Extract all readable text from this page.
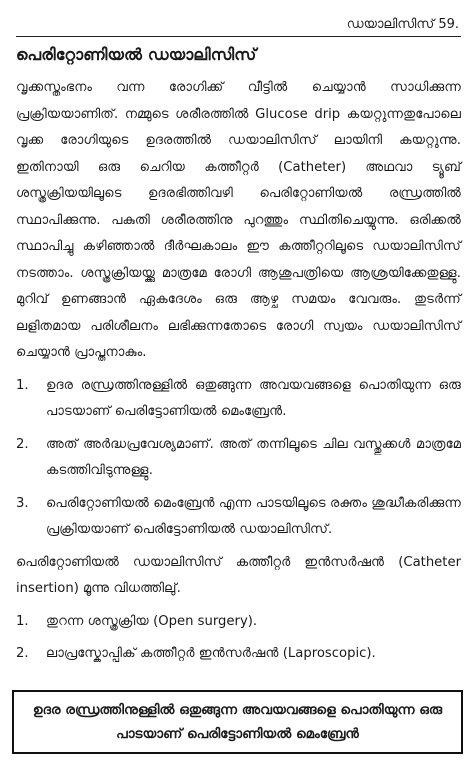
ഡയാലിസിസ് 59.
പെരിറ്റോണിയൽ ഡയാലിസിസ്

വൃക്കസ്തംഭനം വന്ന രോഗിക്ക് വീട്ടിൽ ചെയ്യാൻ സാധിക്കുന്ന പ്രക്രിയയാണിത്. നമ്മുടെ ശരീരത്തിൽ Glucose drip കയറ്റുന്നതുപോലെ വൃക്ക രോഗിയുടെ ഉദരത്തിൽ ഡയാലിസിസ് ലായിനി കയറ്റുന്നു. ഇതിനായി ഒരു ചെറിയ കത്തീറ്റർ (Catheter) അഥവാ ട്യൂബ് ശസ്ത്രക്രിയയിലൂടെ ഉദരഭിത്തിവഴി പെരിറ്റോണിയൽ രന്ധ്രത്തിൽ സ്ഥാപിക്കുന്നു. പകുതി ശരീരത്തിനു പുറത്തും സ്ഥിതിചെയ്യുന്നു. ഒരിക്കൽ സ്ഥാപിച്ചു കഴിഞ്ഞാൽ ദീർഘകാലം ഈ കത്തീറ്ററിലൂടെ ഡയാലിസിസ് നടത്താം. ശസ്ത്രക്രിയയ്ക്കു മാത്രമേ രോഗി ആശുപത്രിയെ ആശ്രയിക്കേതുള്ളു. മുറിവ് ഉണങ്ങാൻ ഏകദേശം ഒരു ആഴ്ച സമയം വേവരും. തുടർന്ന് ലളിതമായ പരിശീലനം ലഭിക്കുന്നതോടെ രോഗി സ്വയം ഡയാലിസിസ് ചെയ്യാൻ പ്രാപ്തനാകും.

1.	ഉദര രന്ധ്രത്തിനുള്ളിൽ ഒതുങ്ങുന്ന അവയവങ്ങളെ പൊതിയുന്ന ഒരു പാടയാണ് പെരിട്ടോണിയൽ മെംബ്രേൻ.
2.	അത് അർദ്ധപ്രവേശ്യമാണ്. അത് തന്നിലൂടെ ചില വസ്തുക്കൾ മാത്രമേ കടത്തിവിടുന്നുള്ളു.
3.	പെരിറ്റോണിയൽ മെംബ്രേൻ എന്ന പാടയിലൂടെ രക്തം ശുദ്ധീകരിക്കുന്ന പ്രക്രിയയാണ് പെരിട്ടോണിയൽ ഡയാലിസിസ്.

പെരിറ്റോണിയൽ ഡയാലിസിസ് കത്തീറ്റർ ഇൻസർഷൻ (Catheter insertion) മൂന്നു വിധത്തിലു്.

1.	തുറന്ന ശസ്ത്രക്രിയ (Open surgery).
2.	ലാപ്രസ്കോപ്പിക് കത്തീറ്റർ ഇൻസർഷൻ (Laproscopic).
ഉദര രന്ധ്രത്തിനുള്ളിൽ ഒതുങ്ങുന്ന അവയവങ്ങളെ പൊതിയുന്ന ഒരു പാടയാണ് പെരിട്ടോണിയൽ മെംബ്രേൻ
